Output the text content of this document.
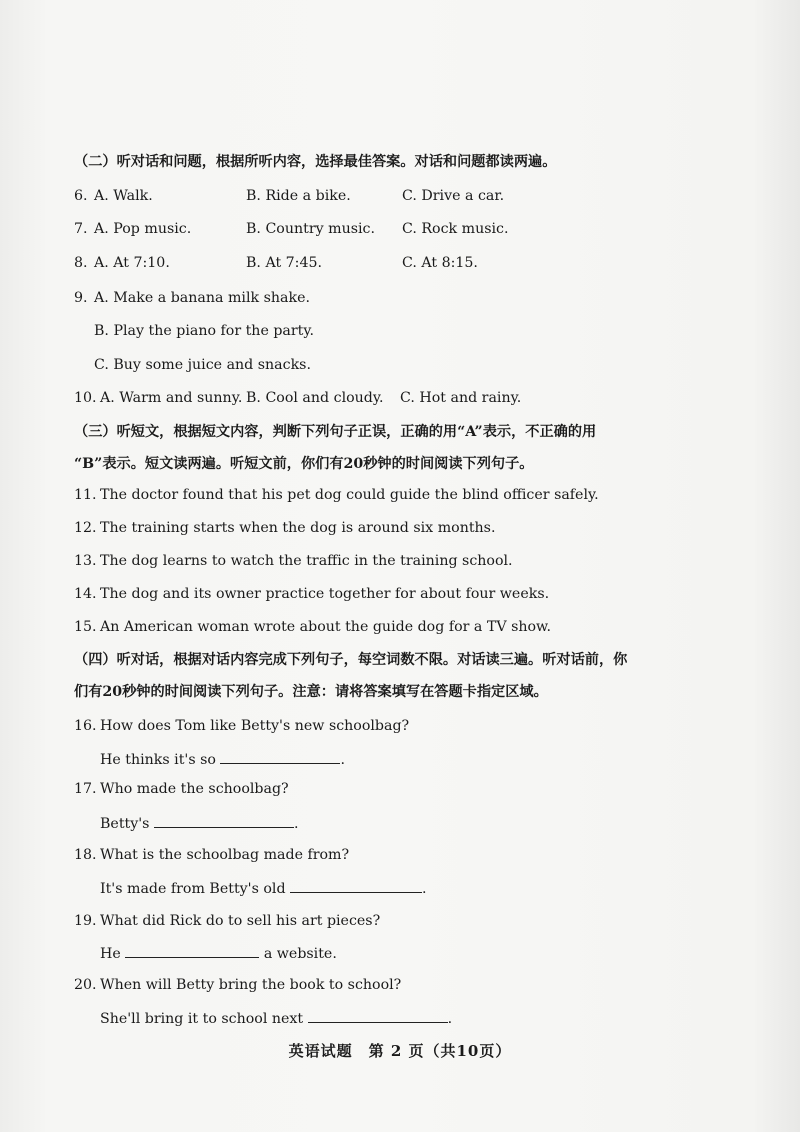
（二）听对话和问题，根据所听内容，选择最佳答案。对话和问题都读两遍。
6. A. Walk.	B. Ride a bike.	C. Drive a car.
7. A. Pop music.	B. Country music. C. Rock music.
8. A. At 7:10.	B. At 7:45.	C. At 8:15.
9. A. Make a banana milk shake.
B. Play the piano for the party.
C. Buy some juice and snacks.
10. A. Warm and sunny. B. Cool and cloudy. C. Hot and rainy.
（三）听短文，根据短文内容，判断下列句子正误，正确的用“A”表示，不正确的用
“B”表示。短文读两遍。听短文前，你们有20秒钟的时间阅读下列句子。
11. The doctor found that his pet dog could guide the blind officer safely.
12. The training starts when the dog is around six months.
13. The dog learns to watch the traffic in the training school.
14. The dog and its owner practice together for about four weeks.
15. An American woman wrote about the guide dog for a TV show.
（四）听对话，根据对话内容完成下列句子，每空词数不限。对话读三遍。听对话前，你
们有20秒钟的时间阅读下列句子。注意：请将答案填写在答题卡指定区域。
16. How does Tom like Betty's new schoolbag?
He thinks it's so	.
17. Who made the schoolbag?
Betty's	.
18. What is the schoolbag made from?
It's made from Betty's old	.
19. What did Rick do to sell his art pieces?
He	a website.
20. When will Betty bring the book to school?
She'll bring it to school next	.
英语试题　第 2 页（共10页）
